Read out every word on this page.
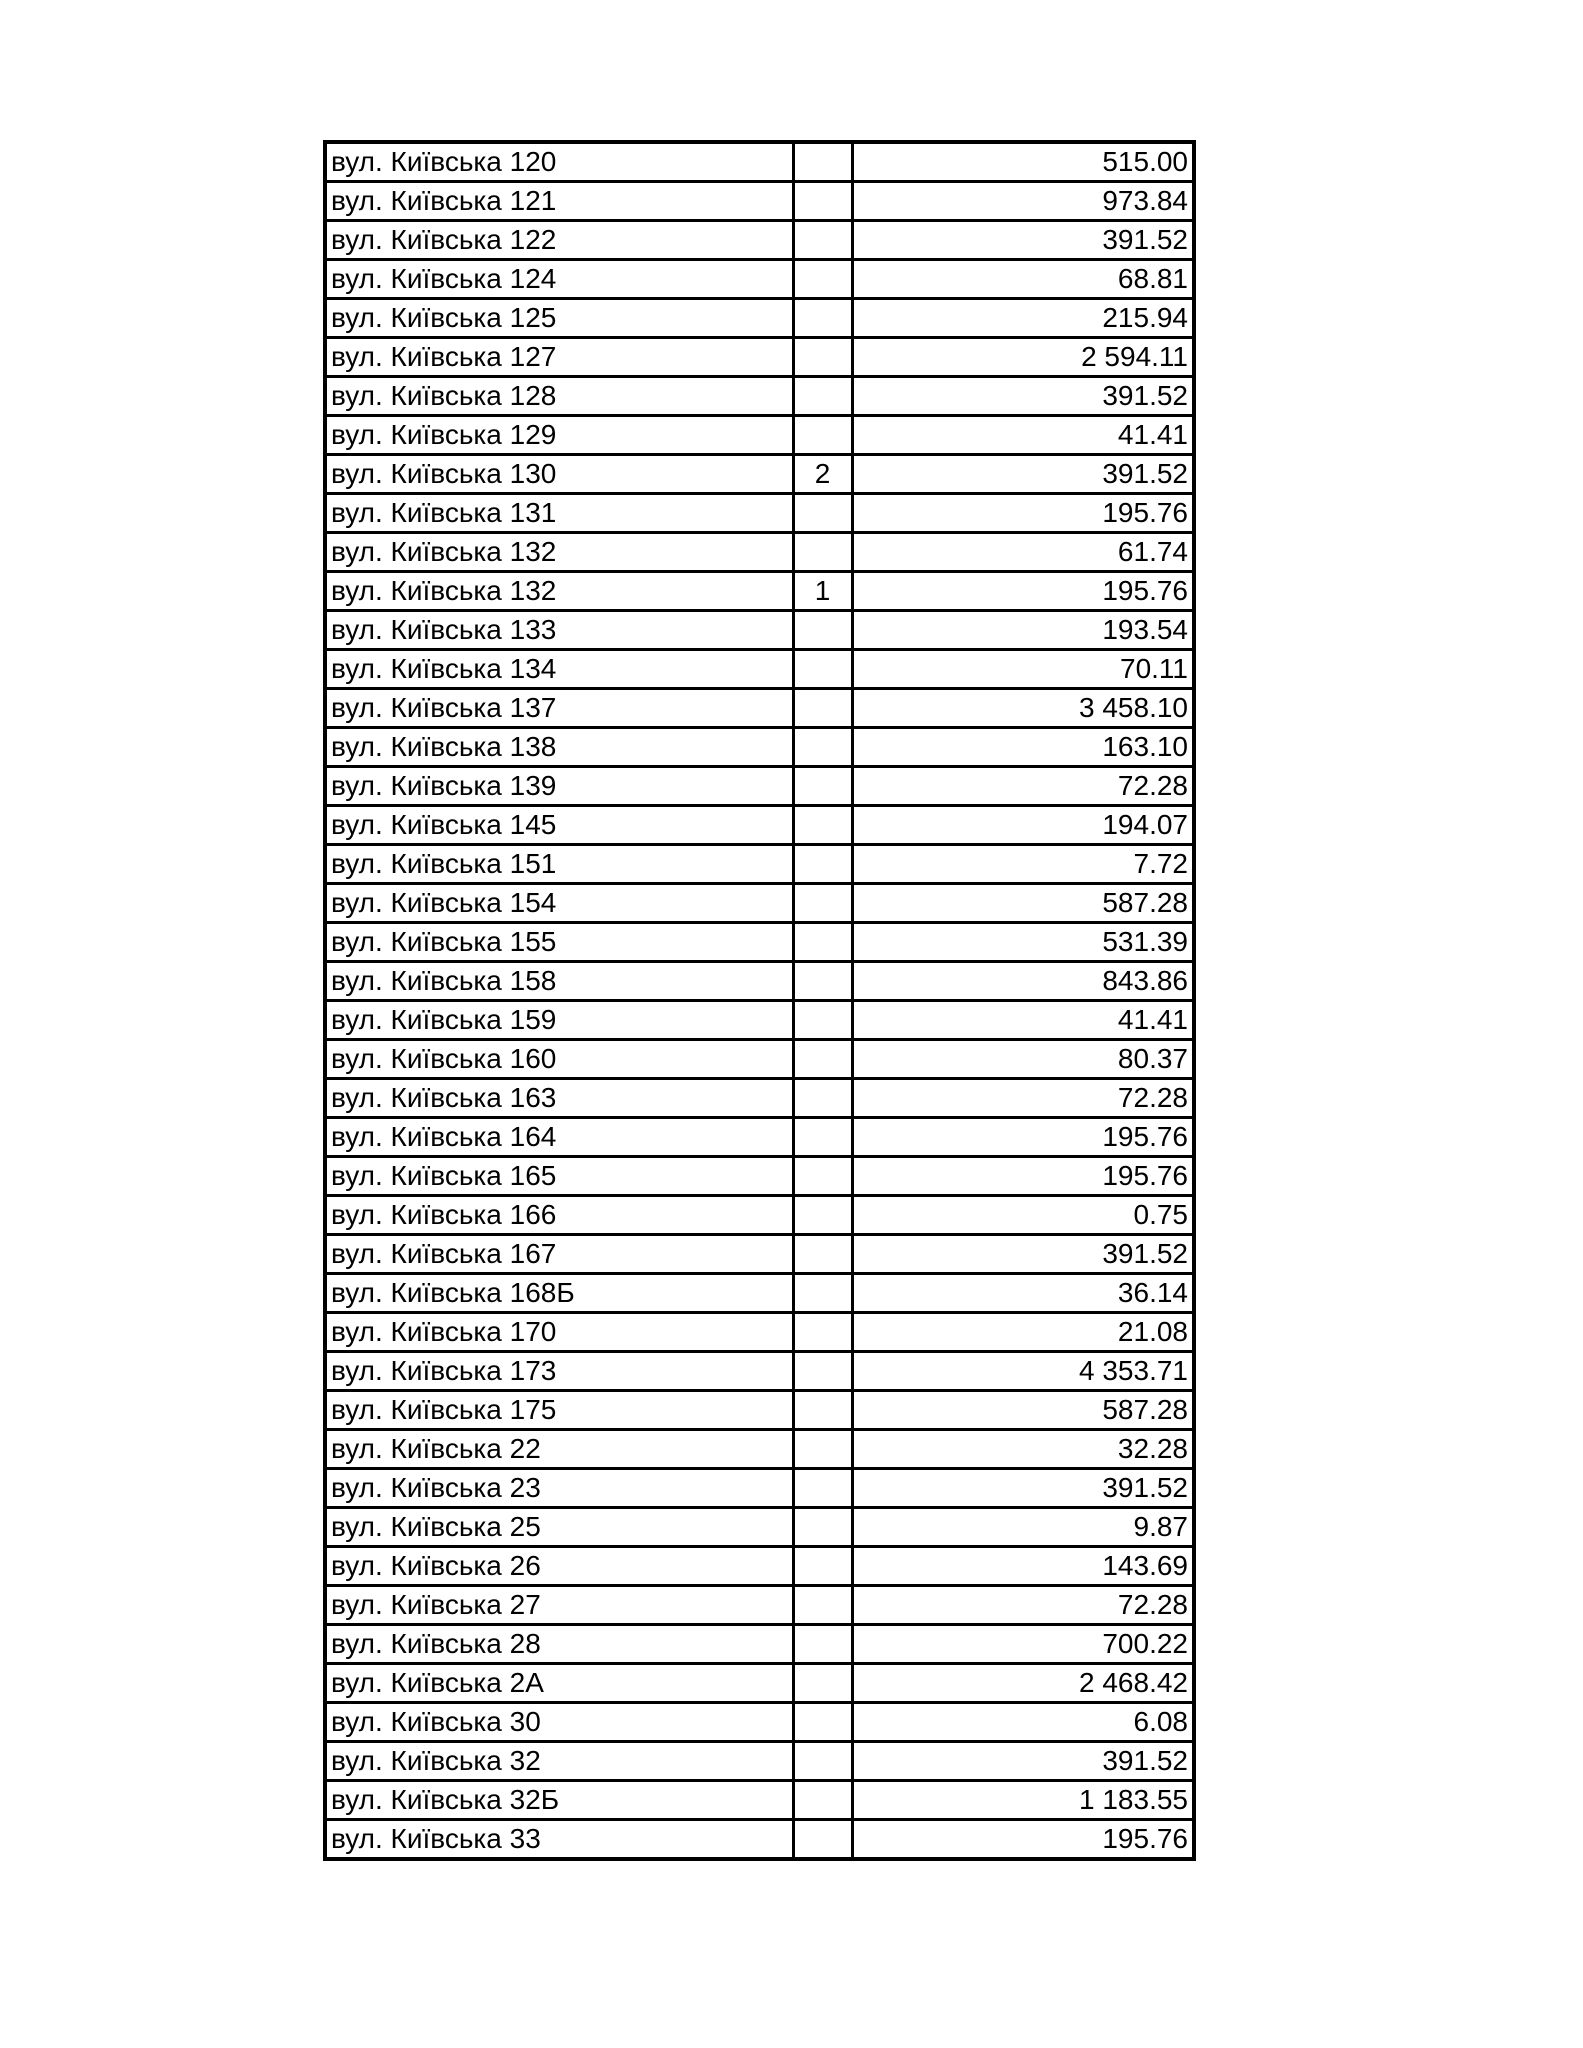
вул. Київська 120		515.00
вул. Київська 121		973.84
вул. Київська 122		391.52
вул. Київська 124		68.81
вул. Київська 125		215.94
вул. Київська 127		2 594.11
вул. Київська 128		391.52
вул. Київська 129		41.41
вул. Київська 130	2	391.52
вул. Київська 131		195.76
вул. Київська 132		61.74
вул. Київська 132	1	195.76
вул. Київська 133		193.54
вул. Київська 134		70.11
вул. Київська 137		3 458.10
вул. Київська 138		163.10
вул. Київська 139		72.28
вул. Київська 145		194.07
вул. Київська 151		7.72
вул. Київська 154		587.28
вул. Київська 155		531.39
вул. Київська 158		843.86
вул. Київська 159		41.41
вул. Київська 160		80.37
вул. Київська 163		72.28
вул. Київська 164		195.76
вул. Київська 165		195.76
вул. Київська 166		0.75
вул. Київська 167		391.52
вул. Київська 168Б		36.14
вул. Київська 170		21.08
вул. Київська 173		4 353.71
вул. Київська 175		587.28
вул. Київська 22		32.28
вул. Київська 23		391.52
вул. Київська 25		9.87
вул. Київська 26		143.69
вул. Київська 27		72.28
вул. Київська 28		700.22
вул. Київська 2А		2 468.42
вул. Київська 30		6.08
вул. Київська 32		391.52
вул. Київська 32Б		1 183.55
вул. Київська 33		195.76
